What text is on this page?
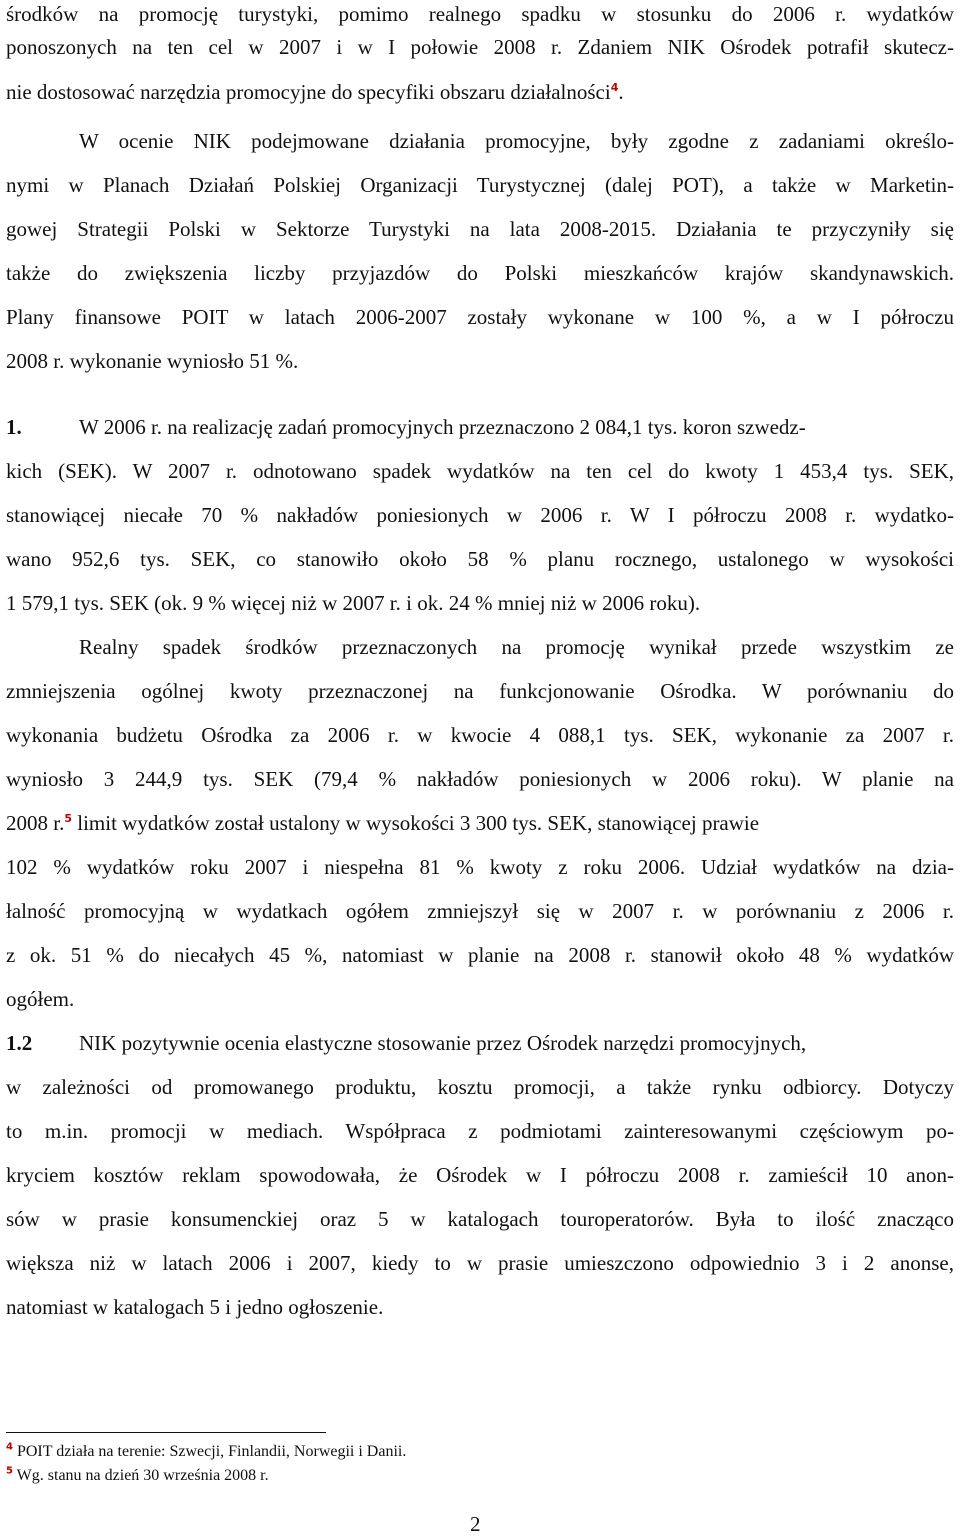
środków na promocję turystyki, pomimo realnego spadku w stosunku do 2006 r. wydatków
ponoszonych na ten cel w 2007 i w I połowie 2008 r. Zdaniem NIK Ośrodek potrafił skutecz-
nie dostosować narzędzia promocyjne do specyfiki obszaru działalności$^4$.
W ocenie NIK podejmowane działania promocyjne, były zgodne z zadaniami określo-
nymi w Planach Działań Polskiej Organizacji Turystycznej (dalej POT), a także w Marketin-
gowej Strategii Polski w Sektorze Turystyki na lata 2008-2015. Działania te przyczyniły się
także do zwiększenia liczby przyjazdów do Polski mieszkańców krajów skandynawskich.
Plany finansowe POIT w latach 2006-2007 zostały wykonane w 100 %, a w I półroczu
2008 r. wykonanie wyniosło 51 %.
1.	W 2006 r. na realizację zadań promocyjnych przeznaczono 2 084,1 tys. koron szwedz-
kich (SEK). W 2007 r. odnotowano spadek wydatków na ten cel do kwoty 1 453,4 tys. SEK,
stanowiącej niecałe 70 % nakładów poniesionych w 2006 r. W I półroczu 2008 r. wydatko-
wano 952,6 tys. SEK, co stanowiło około 58 % planu rocznego, ustalonego w wysokości
1 579,1 tys. SEK (ok. 9 % więcej niż w 2007 r. i ok. 24 % mniej niż w 2006 roku).
Realny spadek środków przeznaczonych na promocję wynikał przede wszystkim ze
zmniejszenia ogólnej kwoty przeznaczonej na funkcjonowanie Ośrodka. W porównaniu do
wykonania budżetu Ośrodka za 2006 r. w kwocie 4 088,1 tys. SEK, wykonanie za 2007 r.
wyniosło 3 244,9 tys. SEK (79,4 % nakładów poniesionych w 2006 roku). W planie na
2008 r.$^5$ limit wydatków został ustalony w wysokości 3 300 tys. SEK, stanowiącej prawie
102 % wydatków roku 2007 i niespełna 81 % kwoty z roku 2006. Udział wydatków na dzia-
łalność promocyjną w wydatkach ogółem zmniejszył się w 2007 r. w porównaniu z 2006 r.
z ok. 51 % do niecałych 45 %, natomiast w planie na 2008 r. stanowił około 48 % wydatków
ogółem.
1.2 NIK pozytywnie ocenia elastyczne stosowanie przez Ośrodek narzędzi promocyjnych,
w zależności od promowanego produktu, kosztu promocji, a także rynku odbiorcy. Dotyczy
to m.in. promocji w mediach. Współpraca z podmiotami zainteresowanymi częściowym po-
kryciem kosztów reklam spowodowała, że Ośrodek w I półroczu 2008 r. zamieścił 10 anon-
sów w prasie konsumenckiej oraz 5 w katalogach touroperatorów. Była to ilość znacząco
większa niż w latach 2006 i 2007, kiedy to w prasie umieszczono odpowiednio 3 i 2 anonse,
natomiast w katalogach 5 i jedno ogłoszenie.
$^4$ POIT działa na terenie: Szwecji, Finlandii, Norwegii i Danii.
$^5$ Wg. stanu na dzień 30 września 2008 r.
2
